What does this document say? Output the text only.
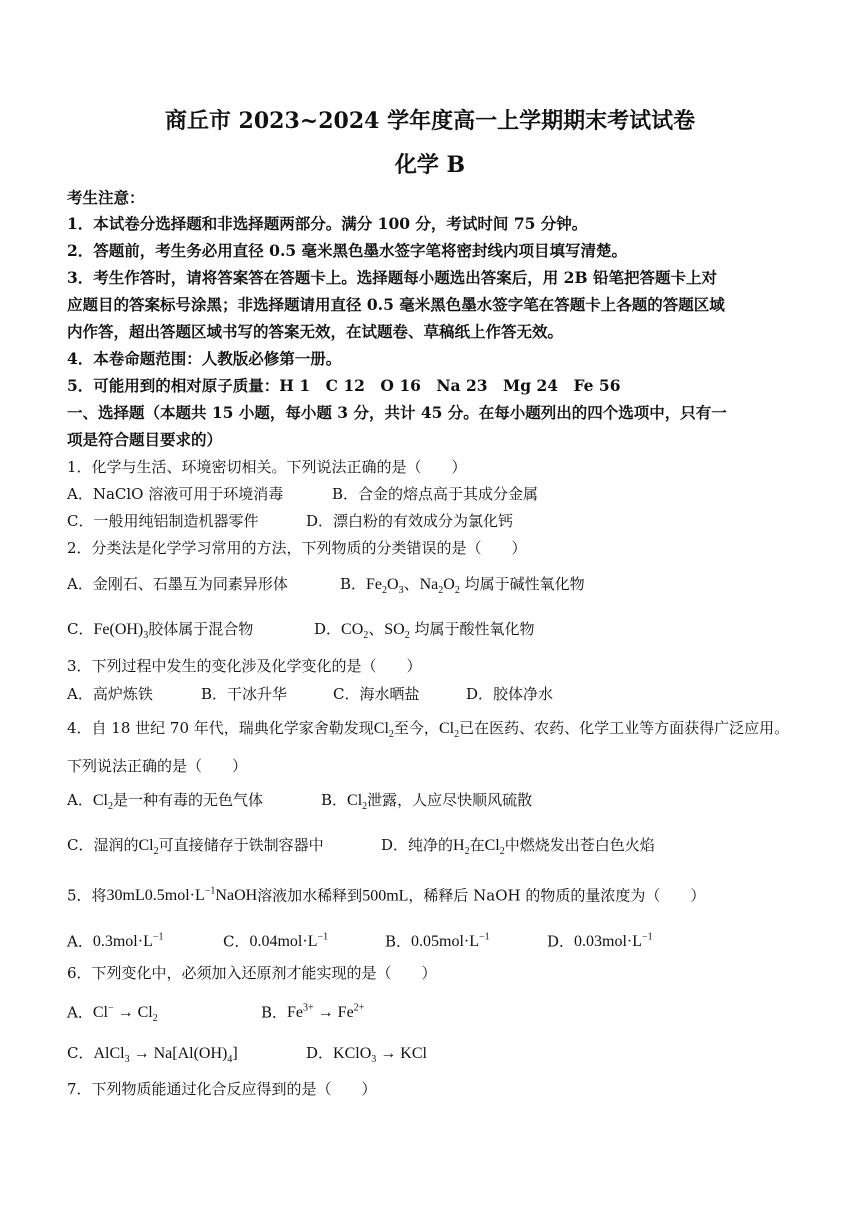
商丘市 2023~2024 学年度高一上学期期末考试试卷
化学 B
考生注意：
1．本试卷分选择题和非选择题两部分。满分 100 分，考试时间 75 分钟。
2．答题前，考生务必用直径 0.5 毫米黑色墨水签字笔将密封线内项目填写清楚。
3．考生作答时，请将答案答在答题卡上。选择题每小题选出答案后，用 2B 铅笔把答题卡上对
应题目的答案标号涂黑；非选择题请用直径 0.5 毫米黑色墨水签字笔在答题卡上各题的答题区域
内作答，超出答题区域书写的答案无效，在试题卷、草稿纸上作答无效。
4．本卷命题范围：人教版必修第一册。
5．可能用到的相对原子质量：H 1　C 12　O 16　Na 23　Mg 24　Fe 56
一、选择题（本题共 15 小题，每小题 3 分，共计 45 分。在每小题列出的四个选项中，只有一
项是符合题目要求的）
1．化学与生活、环境密切相关。下列说法正确的是（　　）
A．NaClO 溶液可用于环境消毒	B．合金的熔点高于其成分金属
C．一般用纯铝制造机器零件	D．漂白粉的有效成分为氯化钙
2．分类法是化学学习常用的方法，下列物质的分类错误的是（　　）
A．金刚石、石墨互为同素异形体	B．$Fe_2O_3$、$Na_2O_2$ 均属于碱性氧化物
C．$Fe(OH)_3$胶体属于混合物	D．$CO_2$、$SO_2$ 均属于酸性氧化物
3．下列过程中发生的变化涉及化学变化的是（　　）
A．高炉炼铁	B．干冰升华	C．海水晒盐	D．胶体净水
4．自 18 世纪 70 年代，瑞典化学家舍勒发现$Cl_2$至今，$Cl_2$已在医药、农药、化学工业等方面获得广泛应用。
下列说法正确的是（　　）
A．$Cl_2$是一种有毒的无色气体	B．$Cl_2$泄露，人应尽快顺风硫散
C．湿润的$Cl_2$可直接储存于铁制容器中	D．纯净的$H_2$在$Cl_2$中燃烧发出苍白色火焰
5．将$30mL0.5mol\cdot L^{-1}NaOH$溶液加水稀释到500mL，稀释后 NaOH 的物质的量浓度为（　　）
A．$0.3mol\cdot L^{-1}$	C．$0.04mol\cdot L^{-1}$	B．$0.05mol\cdot L^{-1}$	D．$0.03mol\cdot L^{-1}$
6．下列变化中，必须加入还原剂才能实现的是（　　）
A．$Cl^- \to Cl_2$	B．$Fe^{3+} \to Fe^{2+}$
C．AlCl$_3$ → $Na[Al(OH)_4]$	D．KClO$_3$ → KCl
7．下列物质能通过化合反应得到的是（　　）
